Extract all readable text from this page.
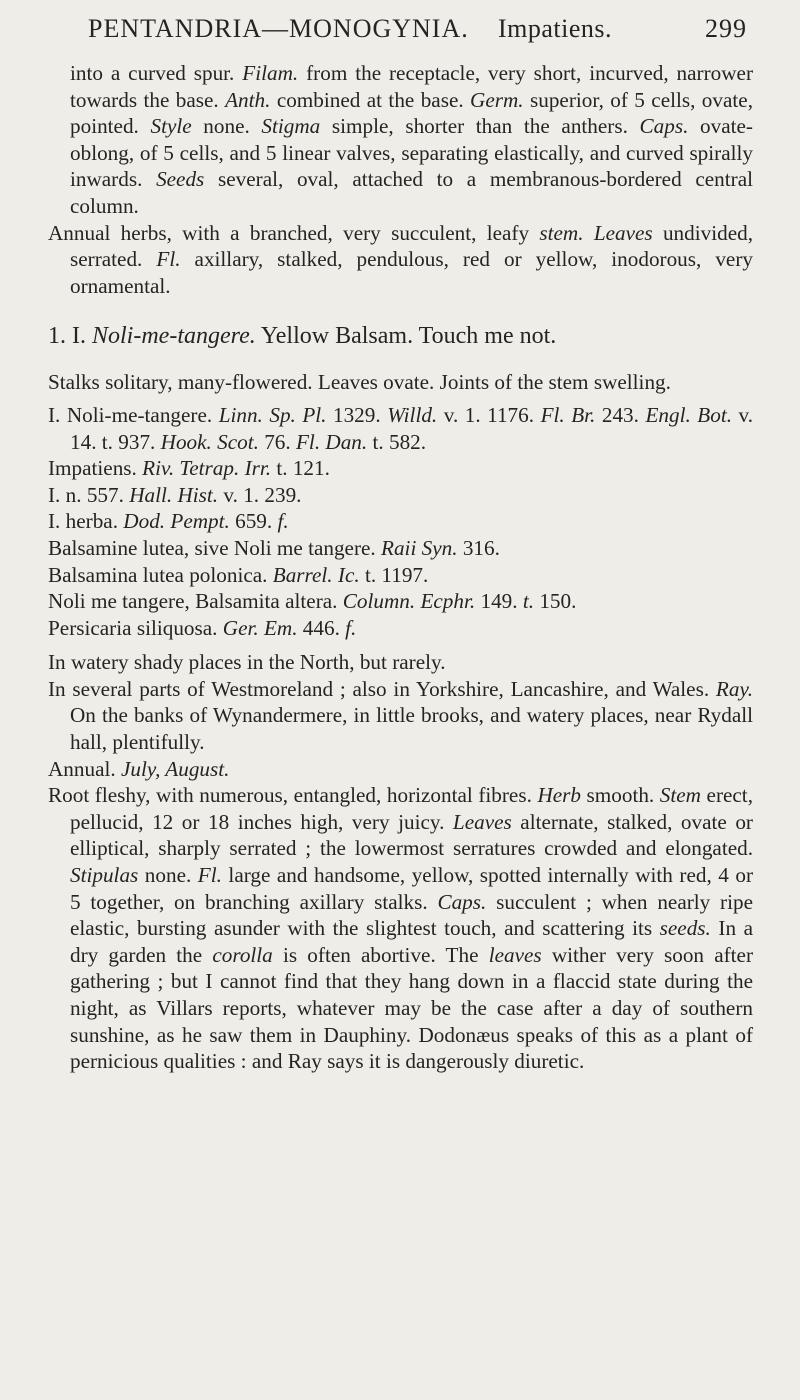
PENTANDRIA—MONOGYNIA. Impatiens.	299

into a curved spur. Filam. from the receptacle, very short, incurved, narrower towards the base. Anth. combined at the base. Germ. superior, of 5 cells, ovate, pointed. Style none. Stigma simple, shorter than the anthers. Caps. ovate-oblong, of 5 cells, and 5 linear valves, separating elastically, and curved spirally inwards. Seeds several, oval, attached to a membranous-bordered central column.

Annual herbs, with a branched, very succulent, leafy stem. Leaves undivided, serrated. Fl. axillary, stalked, pendulous, red or yellow, inodorous, very ornamental.

1. I. Noli-me-tangere. Yellow Balsam. Touch me not.

Stalks solitary, many-flowered. Leaves ovate. Joints of the stem swelling.

I. Noli-me-tangere. Linn. Sp. Pl. 1329. Willd. v. 1. 1176. Fl. Br. 243. Engl. Bot. v. 14. t. 937. Hook. Scot. 76. Fl. Dan. t. 582.

Impatiens. Riv. Tetrap. Irr. t. 121.

I. n. 557. Hall. Hist. v. 1. 239.

I. herba. Dod. Pempt. 659. f.

Balsamine lutea, sive Noli me tangere. Raii Syn. 316.

Balsamina lutea polonica. Barrel. Ic. t. 1197.

Noli me tangere, Balsamita altera. Column. Ecphr. 149. t. 150.

Persicaria siliquosa. Ger. Em. 446. f.

In watery shady places in the North, but rarely.

In several parts of Westmoreland ; also in Yorkshire, Lancashire, and Wales. Ray. On the banks of Wynandermere, in little brooks, and watery places, near Rydall hall, plentifully.

Annual. July, August.

Root fleshy, with numerous, entangled, horizontal fibres. Herb smooth. Stem erect, pellucid, 12 or 18 inches high, very juicy. Leaves alternate, stalked, ovate or elliptical, sharply serrated ; the lowermost serratures crowded and elongated. Stipulas none. Fl. large and handsome, yellow, spotted internally with red, 4 or 5 together, on branching axillary stalks. Caps. succulent ; when nearly ripe elastic, bursting asunder with the slightest touch, and scattering its seeds. In a dry garden the corolla is often abortive. The leaves wither very soon after gathering ; but I cannot find that they hang down in a flaccid state during the night, as Villars reports, whatever may be the case after a day of southern sunshine, as he saw them in Dauphiny. Dodonæus speaks of this as a plant of pernicious qualities : and Ray says it is dangerously diuretic.
